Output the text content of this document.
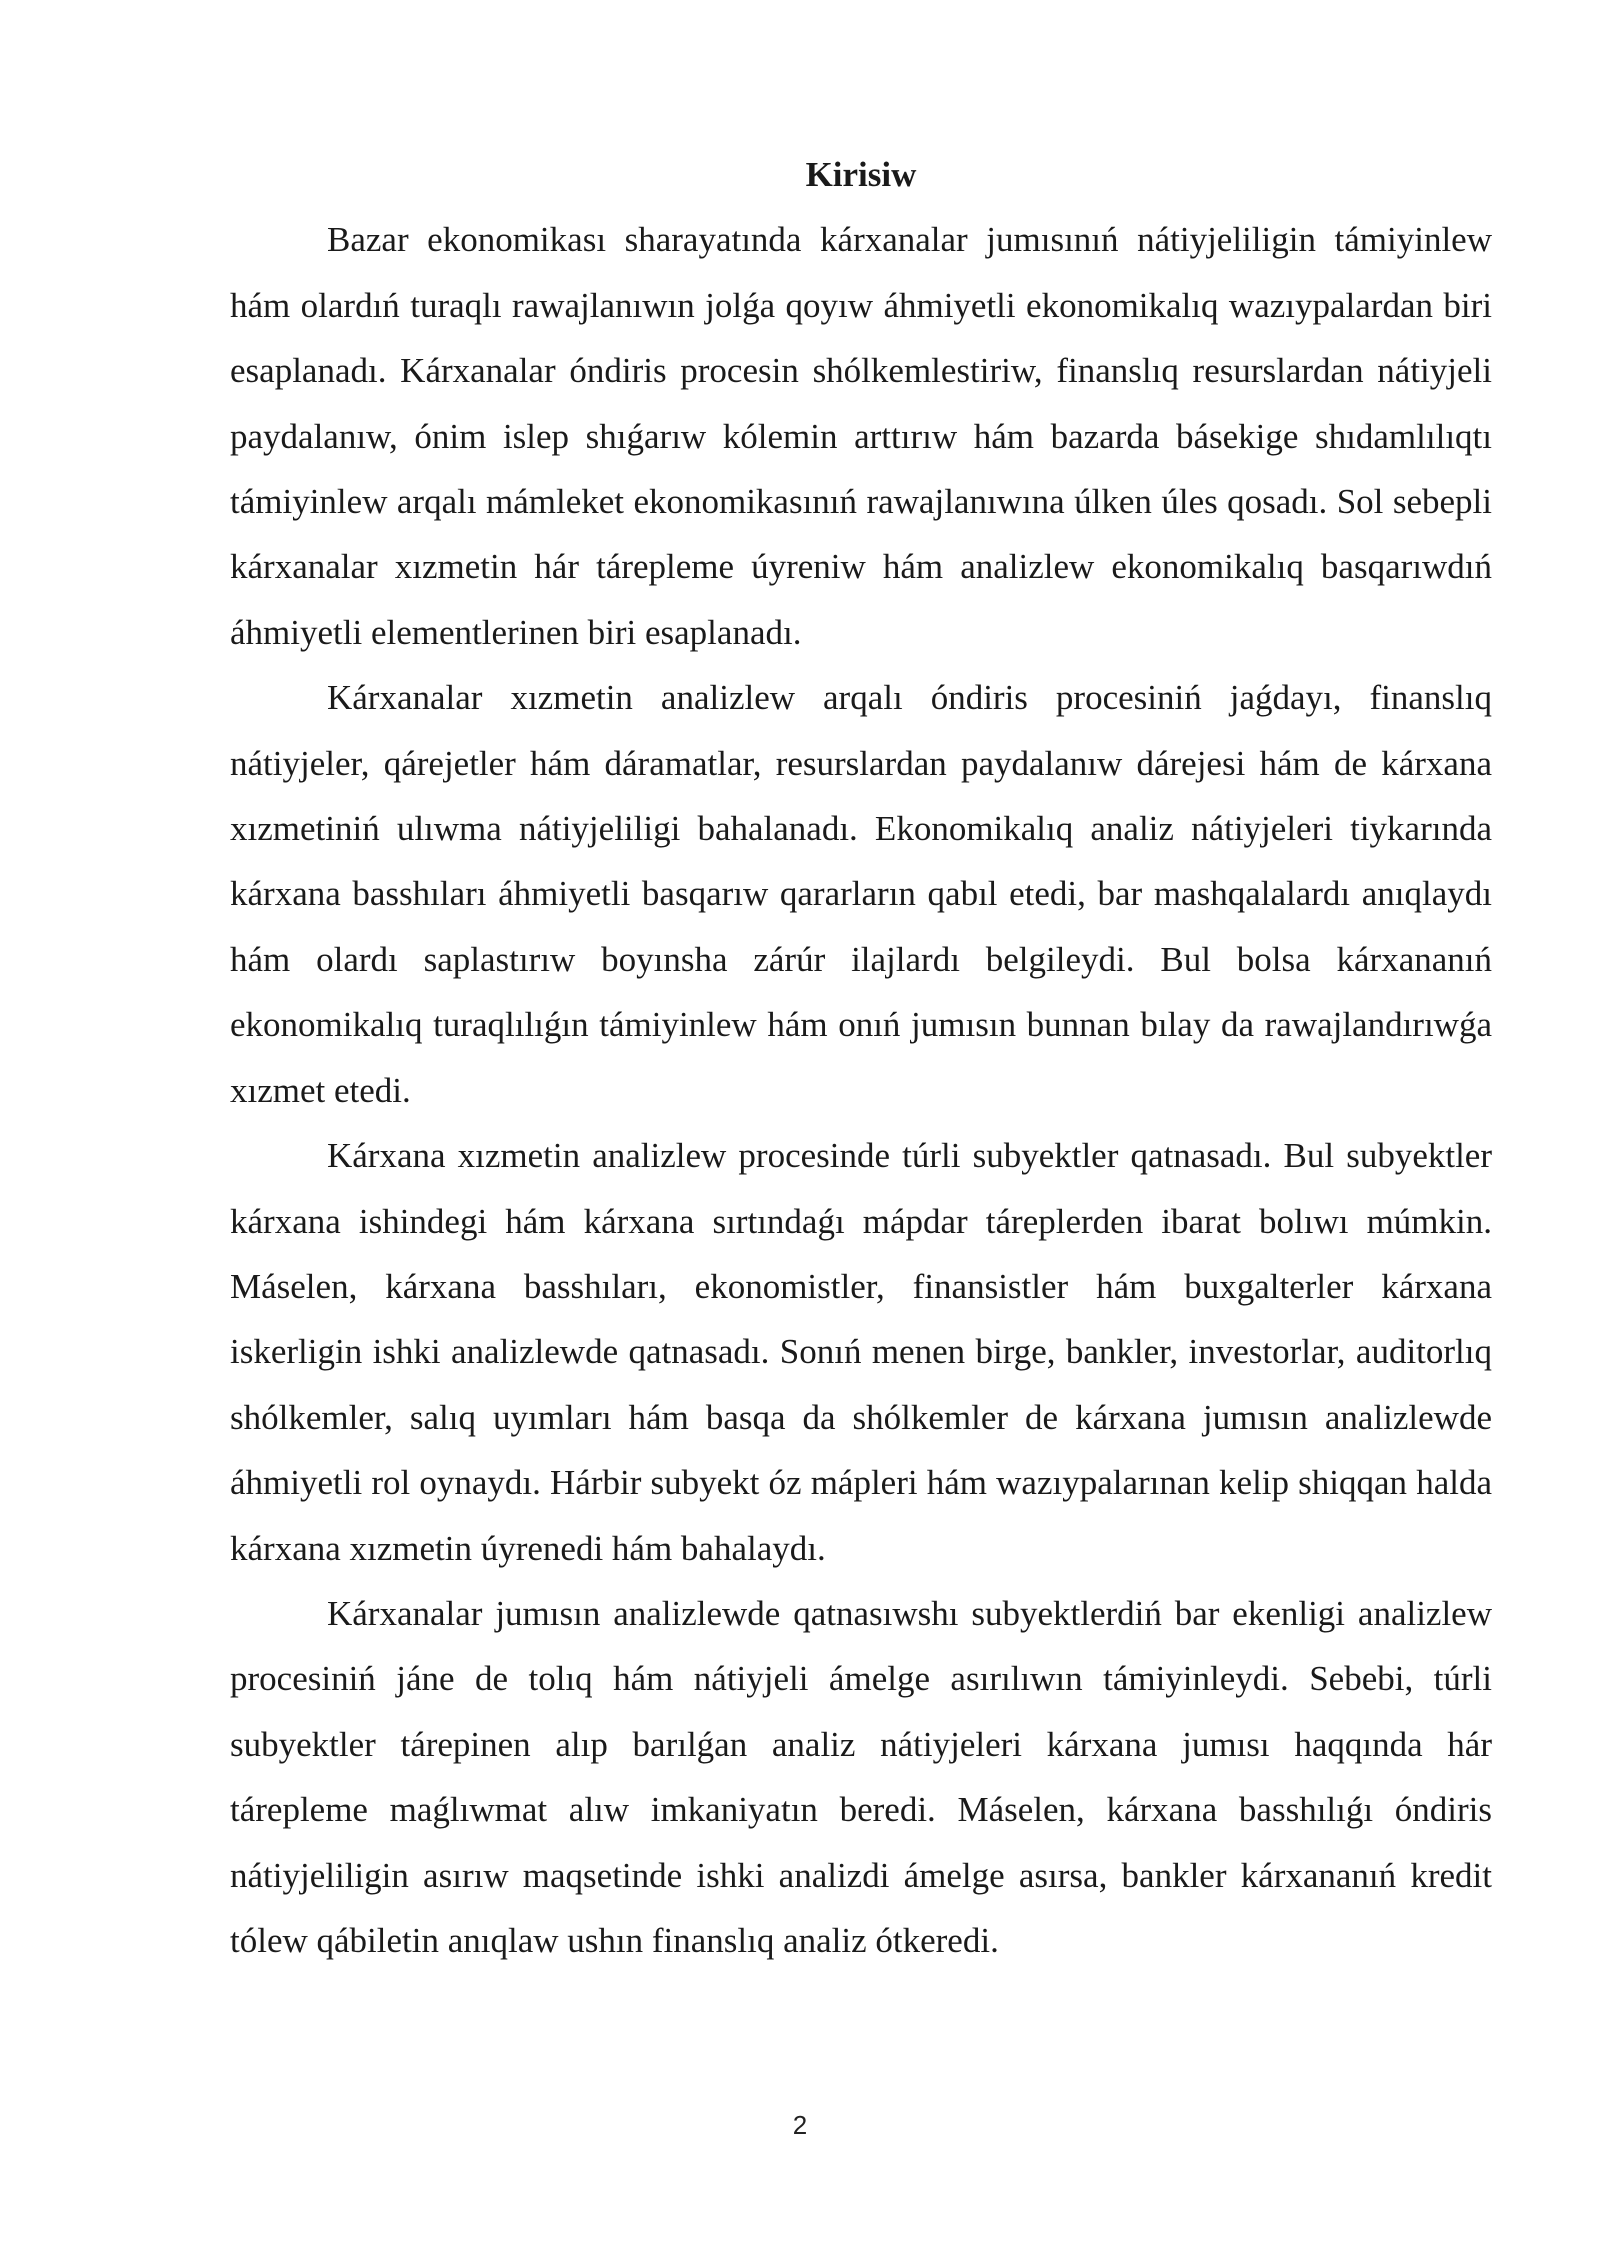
Kirisiw

Bazar ekonomikası sharayatında kárxanalar jumısınıń nátiyjeliligin támiyinlew hám olardıń turaqlı rawajlanıwın jolǵa qoyıw áhmiyetli ekonomikalıq wazıypalardan biri esaplanadı. Kárxanalar óndiris procesin shólkemlestiriw, finanslıq resurslardan nátiyjeli paydalanıw, ónim islep shıǵarıw kólemin arttırıw hám bazarda básekige shıdamlılıqtı támiyinlew arqalı mámleket ekonomikasınıń rawajlanıwına úlken úles qosadı. Sol sebepli kárxanalar xızmetin hár tárepleme úyreniw hám analizlew ekonomikalıq basqarıwdıń áhmiyetli elementlerinen biri esaplanadı.

Kárxanalar xızmetin analizlew arqalı óndiris procesiniń jaǵdayı, finanslıq nátiyjeler, qárejetler hám dáramatlar, resurslardan paydalanıw dárejesi hám de kárxana xızmetiniń ulıwma nátiyjeliligi bahalanadı. Ekonomikalıq analiz nátiyjeleri tiykarında kárxana basshıları áhmiyetli basqarıw qararların qabıl etedi, bar mashqalalardı anıqlaydı hám olardı saplastırıw boyınsha zárúr ilajlardı belgileydi. Bul bolsa kárxananıń ekonomikalıq turaqlılıǵın támiyinlew hám onıń jumısın bunnan bılay da rawajlandırıwǵa xızmet etedi.

Kárxana xızmetin analizlew procesinde túrli subyektler qatnasadı. Bul subyektler kárxana ishindegi hám kárxana sırtındaǵı mápdar tárеplerden ibarat bolıwı múmkin. Máselen, kárxana basshıları, ekonomistler, finansistler hám buxgalterler kárxana iskerligin ishki analizlewde qatnasadı. Sonıń menen birge, bankler, investorlar, auditorlıq shólkemler, salıq uyımları hám basqa da shólkemler de kárxana jumısın analizlewde áhmiyetli rol oynaydı. Hárbir subyekt óz mápleri hám wazıypalarınan kelip shiqqan halda kárxana xızmetin úyrenedi hám bahalaydı.

Kárxanalar jumısın analizlewde qatnasıwshı subyektlerdiń bar ekenligi analizlew procesiniń jáne de tolıq hám nátiyjeli ámelge asırılıwın támiyinleydi. Sebebi, túrli subyektler tárepinen alıp barılǵan analiz nátiyjeleri kárxana jumısı haqqında hár tárepleme maǵlıwmat alıw imkaniyatın beredi. Máselen, kárxana basshılıǵı óndiris nátiyjeliligin asırıw maqsetinde ishki analizdi ámelge asırsa, bankler kárxananıń kredit tólew qábiletin anıqlaw ushın finanslıq analiz ótkeredi.

2
